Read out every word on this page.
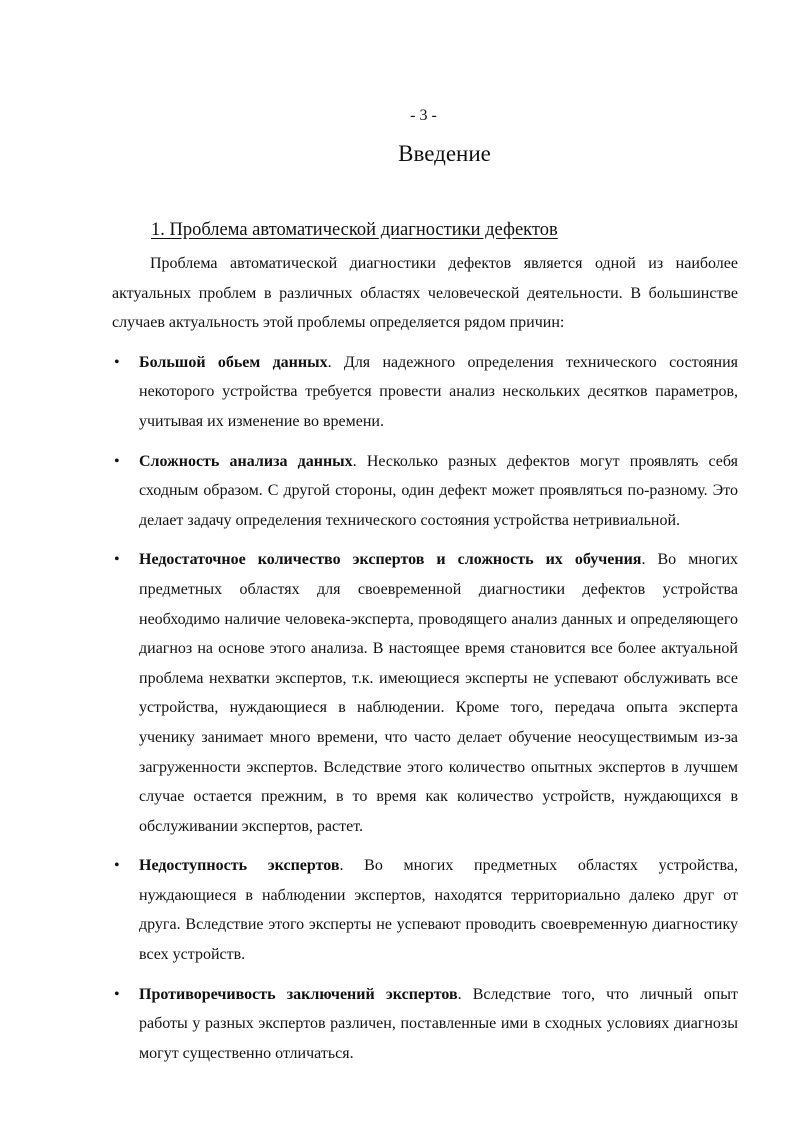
- 3 -
Введение
1. Проблема автоматической диагностики дефектов

Проблема автоматической диагностики дефектов является одной из наиболее актуальных проблем в различных областях человеческой деятельности. В большинстве случаев актуальность этой проблемы определяется рядом причин:

• Большой обьем данных. Для надежного определения технического состояния некоторого устройства требуется провести анализ нескольких десятков параметров, учитывая их изменение во времени.
• Сложность анализа данных. Несколько разных дефектов могут проявлять себя сходным образом. С другой стороны, один дефект может проявляться по-разному. Это делает задачу определения технического состояния устройства нетривиальной.
• Недостаточное количество экспертов и сложность их обучения. Во многих предметных областях для своевременной диагностики дефектов устройства необходимо наличие человека-эксперта, проводящего анализ данных и определяющего диагноз на основе этого анализа. В настоящее время становится все более актуальной проблема нехватки экспертов, т.к. имеющиеся эксперты не успевают обслуживать все устройства, нуждающиеся в наблюдении. Кроме того, передача опыта эксперта ученику занимает много времени, что часто делает обучение неосуществимым из-за загруженности экспертов. Вследствие этого количество опытных экспертов в лучшем случае остается прежним, в то время как количество устройств, нуждающихся в обслуживании экспертов, растет.
• Недоступность экспертов. Во многих предметных областях устройства, нуждающиеся в наблюдении экспертов, находятся территориально далеко друг от друга. Вследствие этого эксперты не успевают проводить своевременную диагностику всех устройств.
• Противоречивость заключений экспертов. Вследствие того, что личный опыт работы у разных экспертов различен, поставленные ими в сходных условиях диагнозы могут существенно отличаться.
